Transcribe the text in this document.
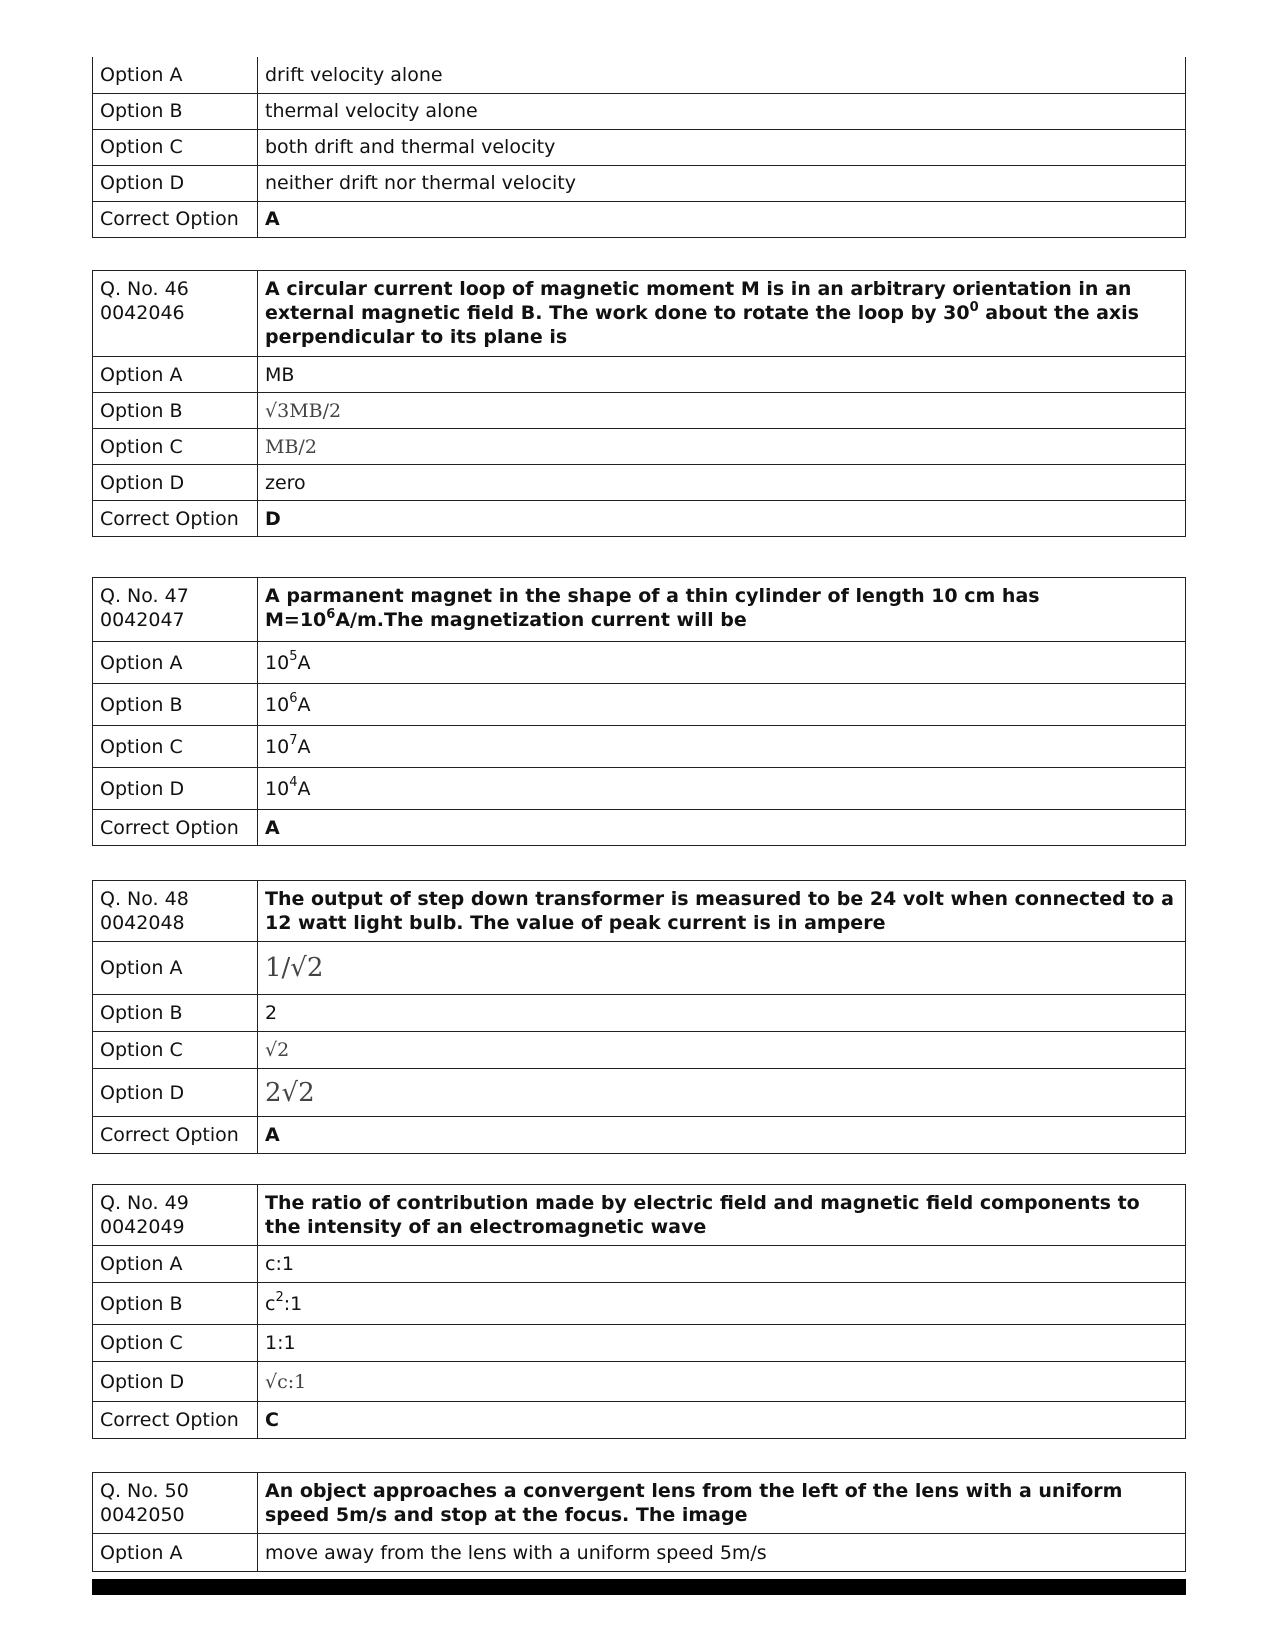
Option A	drift velocity alone
Option B	thermal velocity alone
Option C	both drift and thermal velocity
Option D	neither drift nor thermal velocity
Correct Option	A
Q. No. 46
0042046	A circular current loop of magnetic moment M is in an arbitrary orientation in an external magnetic field B. The work done to rotate the loop by $30^0$ about the axis perpendicular to its plane is
Option A	MB
Option B	√3MB/2
Option C	MB/2
Option D	zero
Correct Option	D
Q. No. 47
0042047	A parmanent magnet in the shape of a thin cylinder of length 10 cm has $M=10^6A/m.The$ magnetization current will be
Option A	$10^5A$
Option B	$10^6A$
Option C	$10^7A$
Option D	$10^4A$
Correct Option	A
Q. No. 48
0042048	The output of step down transformer is measured to be 24 volt when connected to a 12 watt light bulb. The value of peak current is in ampere
Option A	1/√2
Option B	2
Option C	√2
Option D	2√2
Correct Option	A
Q. No. 49
0042049	The ratio of contribution made by electric field and magnetic field components to the intensity of an electromagnetic wave
Option A	c:1
Option B	$c^2:1$
Option C	1:1
Option D	√c:1
Correct Option	C
Q. No. 50
0042050	An object approaches a convergent lens from the left of the lens with a uniform speed 5m/s and stop at the focus. The image
Option A	move away from the lens with a uniform speed 5m/s
